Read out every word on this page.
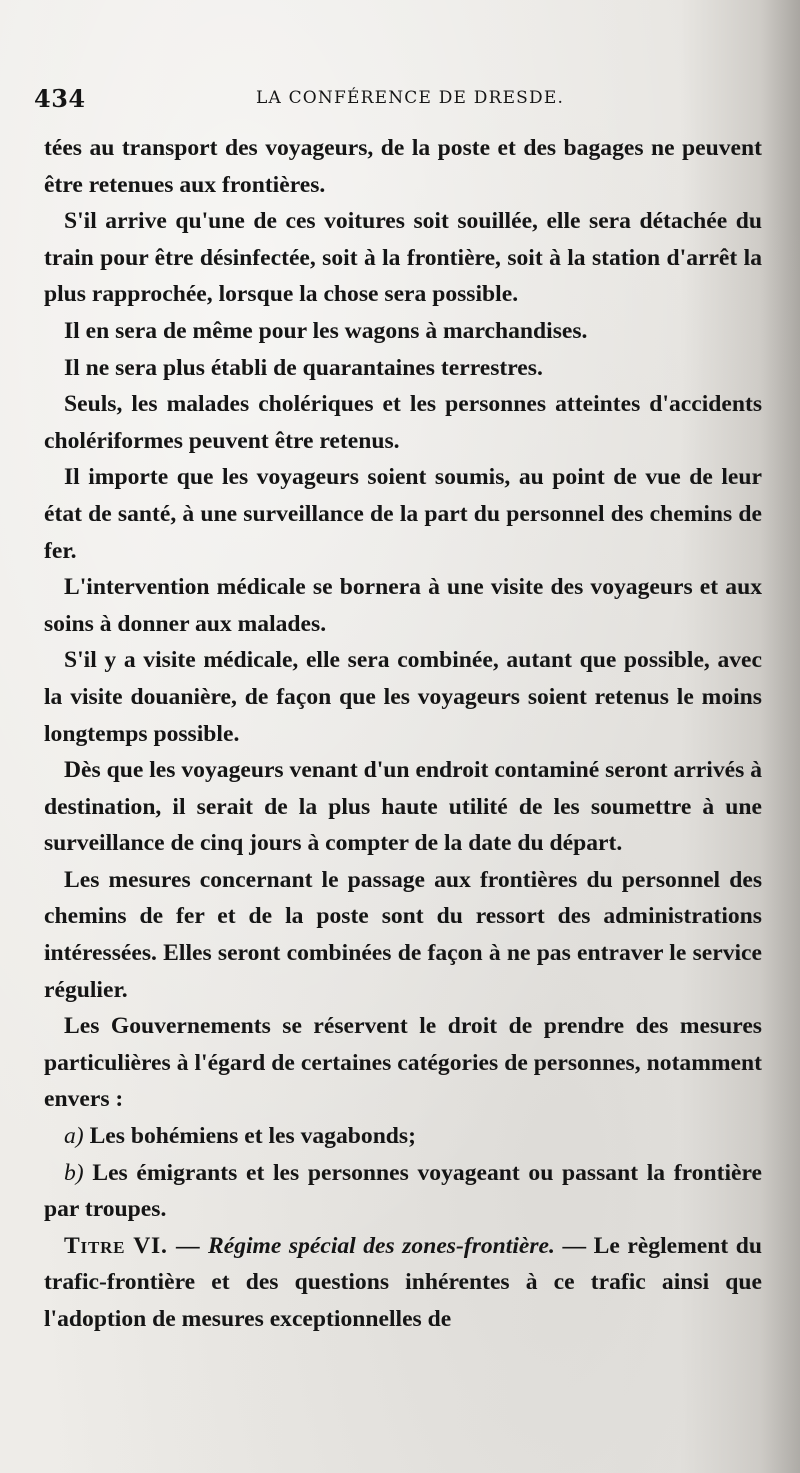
434	LA CONFÉRENCE DE DRESDE.

tées au transport des voyageurs, de la poste et des bagages ne peuvent être retenues aux frontières.

S'il arrive qu'une de ces voitures soit souillée, elle sera détachée du train pour être désinfectée, soit à la frontière, soit à la station d'arrêt la plus rapprochée, lorsque la chose sera possible.

Il en sera de même pour les wagons à marchandises.

Il ne sera plus établi de quarantaines terrestres.

Seuls, les malades cholériques et les personnes atteintes d'accidents cholériformes peuvent être retenus.

Il importe que les voyageurs soient soumis, au point de vue de leur état de santé, à une surveillance de la part du personnel des chemins de fer.

L'intervention médicale se bornera à une visite des voyageurs et aux soins à donner aux malades.

S'il y a visite médicale, elle sera combinée, autant que possible, avec la visite douanière, de façon que les voyageurs soient retenus le moins longtemps possible.

Dès que les voyageurs venant d'un endroit contaminé seront arrivés à destination, il serait de la plus haute utilité de les soumettre à une surveillance de cinq jours à compter de la date du départ.

Les mesures concernant le passage aux frontières du personnel des chemins de fer et de la poste sont du ressort des administrations intéressées. Elles seront combinées de façon à ne pas entraver le service régulier.

Les Gouvernements se réservent le droit de prendre des mesures particulières à l'égard de certaines catégories de personnes, notamment envers :

a) Les bohémiens et les vagabonds;

b) Les émigrants et les personnes voyageant ou passant la frontière par troupes.

Titre VI. — Régime spécial des zones-frontière. — Le règlement du trafic-frontière et des questions inhérentes à ce trafic ainsi que l'adoption de mesures exceptionnelles de
